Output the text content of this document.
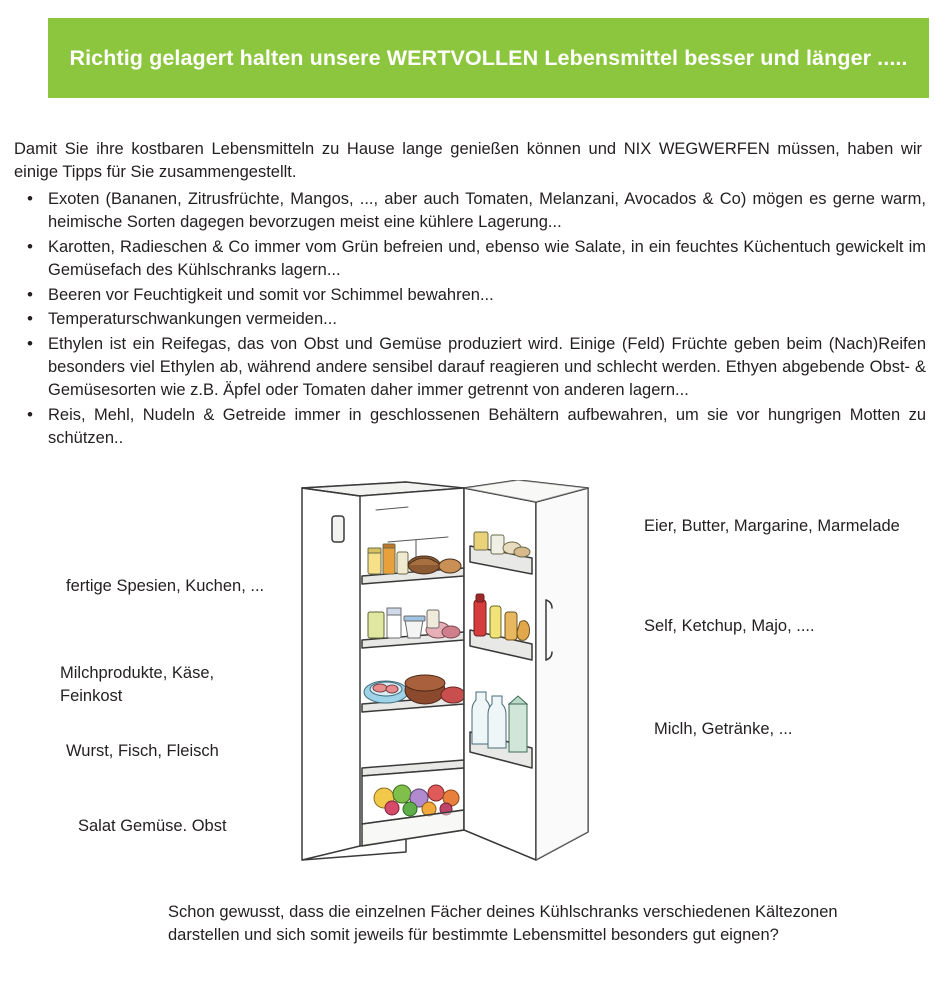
Richtig gelagert halten unsere WERTVOLLEN Lebensmittel besser und länger .....

Damit Sie ihre kostbaren Lebensmitteln zu Hause lange genießen können und NIX WEGWERFEN müssen, haben wir einige Tipps für Sie zusammengestellt.

• Exoten (Bananen, Zitrusfrüchte, Mangos, ..., aber auch Tomaten, Melanzani, Avocados & Co) mögen es gerne warm, heimische Sorten dagegen bevorzugen meist eine kühlere Lagerung...
• Karotten, Radieschen & Co immer vom Grün befreien und, ebenso wie Salate, in ein feuchtes Küchentuch gewickelt im Gemüsefach des Kühlschranks lagern...
• Beeren vor Feuchtigkeit und somit vor Schimmel bewahren...
• Temperaturschwankungen vermeiden...
• Ethylen ist ein Reifegas, das von Obst und Gemüse produziert wird. Einige (Feld) Früchte geben beim (Nach)Reifen besonders viel Ethylen ab, während andere sensibel darauf reagieren und schlecht werden. Ethyen abgebende Obst- & Gemüsesorten wie z.B. Äpfel oder Tomaten daher immer getrennt von anderen lagern...
• Reis, Mehl, Nudeln & Getreide immer in geschlossenen Behältern aufbewahren, um sie vor hungrigen Motten zu schützen..
Eier, Butter, Margarine, Marmelade
Self, Ketchup, Majo, ....
Miclh, Getränke, ...
fertige Spesien, Kuchen, ...
Milchprodukte, Käse, Feinkost
Wurst, Fisch, Fleisch
Salat Gemüse. Obst

Schon gewusst, dass die einzelnen Fächer deines Kühlschranks verschiedenen Kältezonen darstellen und sich somit jeweils für bestimmte Lebensmittel besonders gut eignen?
